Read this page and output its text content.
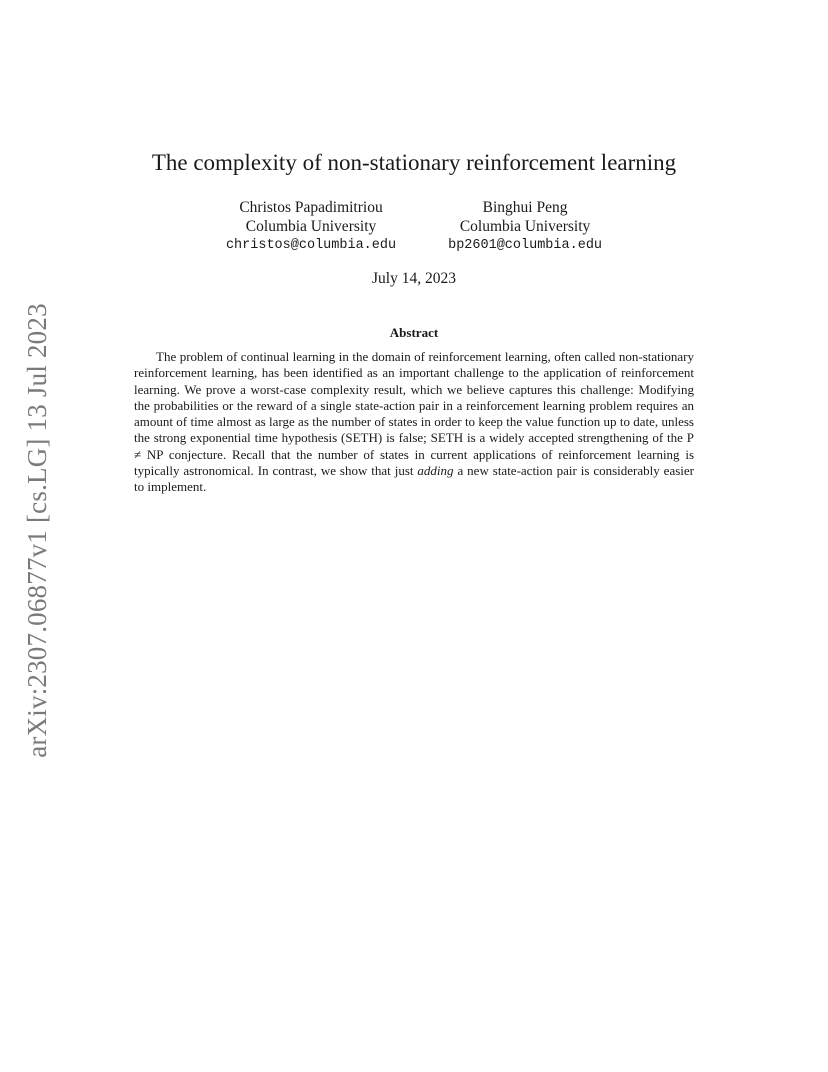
arXiv:2307.06877v1 [cs.LG] 13 Jul 2023
The complexity of non-stationary reinforcement learning
Christos Papadimitriou
Columbia University
christos@columbia.edu
Binghui Peng
Columbia University
bp2601@columbia.edu
July 14, 2023
Abstract

The problem of continual learning in the domain of reinforcement learning, often called non-stationary reinforcement learning, has been identified as an important challenge to the application of reinforcement learning. We prove a worst-case complexity result, which we believe captures this challenge: Modifying the probabilities or the reward of a single state-action pair in a reinforcement learning problem requires an amount of time almost as large as the number of states in order to keep the value function up to date, unless the strong exponential time hypothesis (SETH) is false; SETH is a widely accepted strengthening of the P ≠ NP conjecture. Recall that the number of states in current applications of reinforcement learning is typically astronomical. In contrast, we show that just adding a new state-action pair is considerably easier to implement.
